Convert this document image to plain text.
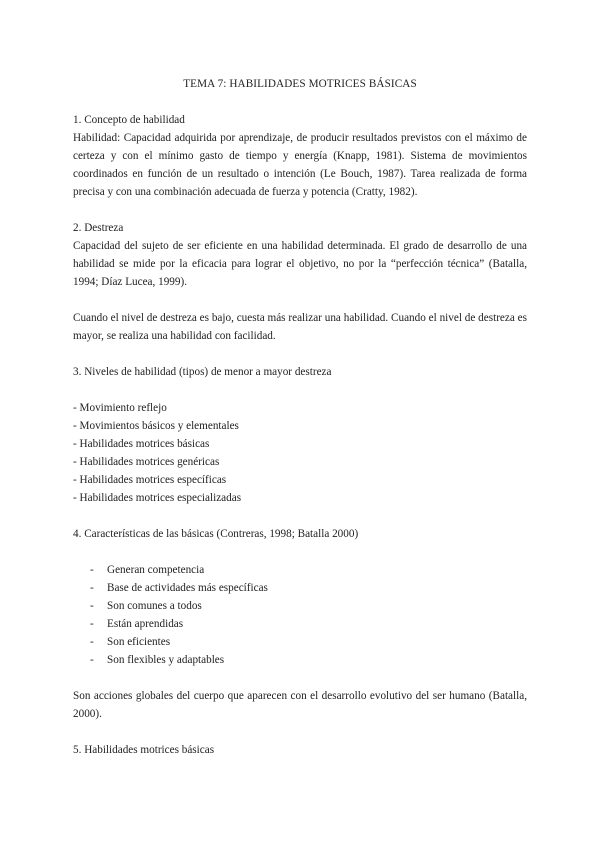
TEMA 7: HABILIDADES MOTRICES BÁSICAS
1. Concepto de habilidad

Habilidad: Capacidad adquirida por aprendizaje, de producir resultados previstos con el máximo de certeza y con el mínimo gasto de tiempo y energía (Knapp, 1981). Sistema de movimientos coordinados en función de un resultado o intención (Le Bouch, 1987). Tarea realizada de forma precisa y con una combinación adecuada de fuerza y potencia (Cratty, 1982).

2. Destreza

Capacidad del sujeto de ser eficiente en una habilidad determinada. El grado de desarrollo de una habilidad se mide por la eficacia para lograr el objetivo, no por la “perfección técnica” (Batalla, 1994; Díaz Lucea, 1999).

Cuando el nivel de destreza es bajo, cuesta más realizar una habilidad. Cuando el nivel de destreza es mayor, se realiza una habilidad con facilidad.

3. Niveles de habilidad (tipos) de menor a mayor destreza
- Movimiento reflejo
- Movimientos básicos y elementales
- Habilidades motrices básicas
- Habilidades motrices genéricas
- Habilidades motrices específicas
- Habilidades motrices especializadas
4. Características de las básicas (Contreras, 1998; Batalla 2000)
- Generan competencia
- Base de actividades más específicas
- Son comunes a todos
- Están aprendidas
- Son eficientes
- Son flexibles y adaptables

Son acciones globales del cuerpo que aparecen con el desarrollo evolutivo del ser humano (Batalla, 2000).

5. Habilidades motrices básicas
